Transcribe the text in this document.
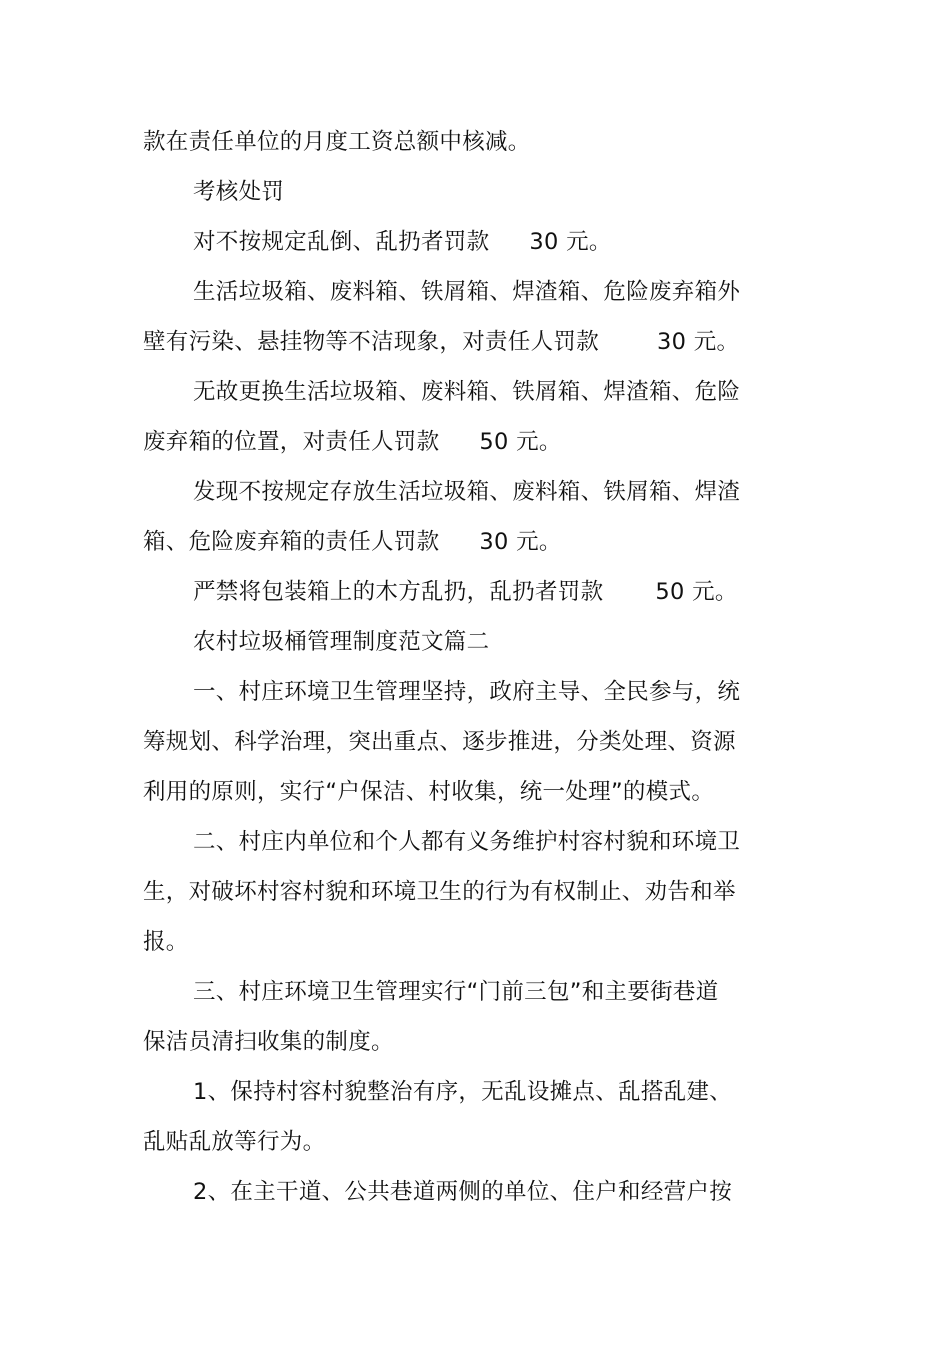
款在责任单位的月度工资总额中核减。
考核处罚
对不按规定乱倒、乱扔者罚款 30 元。
生活垃圾箱、废料箱、铁屑箱、焊渣箱、危险废弃箱外
壁有污染、悬挂物等不洁现象，对责任人罚款	30 元。
无故更换生活垃圾箱、废料箱、铁屑箱、焊渣箱、危险
废弃箱的位置，对责任人罚款 50 元。
发现不按规定存放生活垃圾箱、废料箱、铁屑箱、焊渣
箱、危险废弃箱的责任人罚款 30 元。
严禁将包装箱上的木方乱扔，乱扔者罚款 50 元。
农村垃圾桶管理制度范文篇二
一、村庄环境卫生管理坚持，政府主导、全民参与，统
筹规划、科学治理，突出重点、逐步推进，分类处理、资源
利用的原则，实行“户保洁、村收集，统一处理”的模式。
二、村庄内单位和个人都有义务维护村容村貌和环境卫
生，对破坏村容村貌和环境卫生的行为有权制止、劝告和举
报。
三、村庄环境卫生管理实行“门前三包”和主要街巷道
保洁员清扫收集的制度。
1、保持村容村貌整治有序，无乱设摊点、乱搭乱建、
乱贴乱放等行为。
2、在主干道、公共巷道两侧的单位、住户和经营户按
